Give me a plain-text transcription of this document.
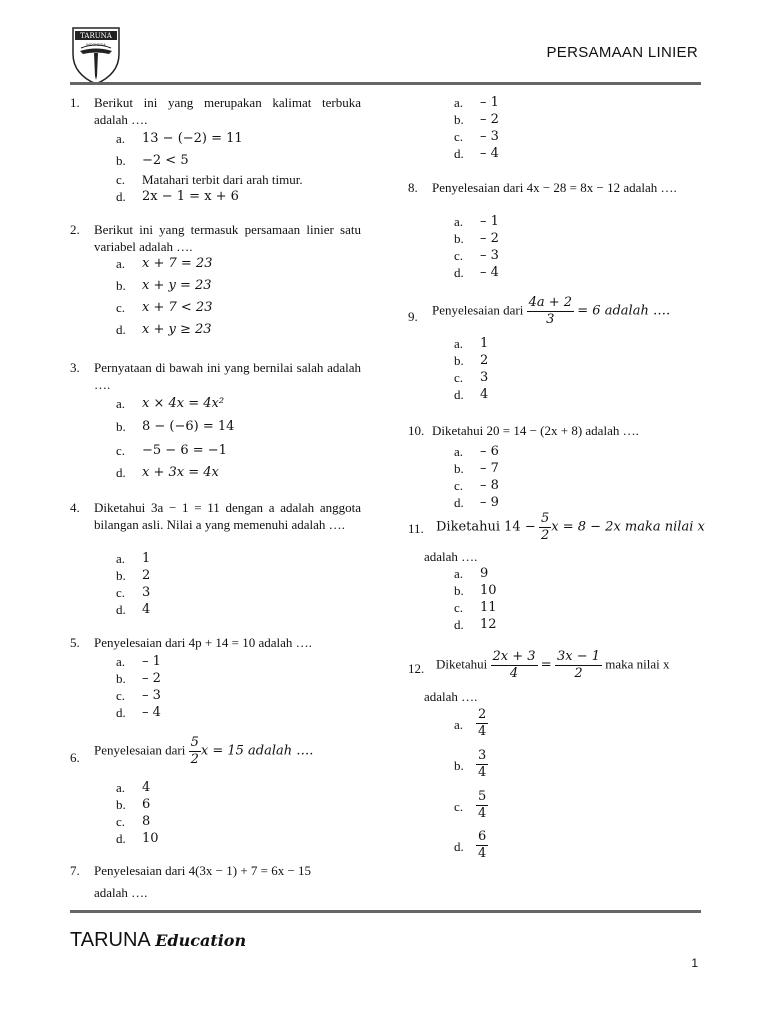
TARUNA
INDONESIA	PERSAMAAN LINIER
1.	Berikut ini yang merupakan kalimat terbuka adalah ….
a.	13 − (−2) = 11
b.	−2 < 5
c.	Matahari terbit dari arah timur.
d.	2x − 1 = x + 6
2.	Berikut ini yang termasuk persamaan linier satu variabel adalah ….
a.	x + 7 = 23
b.	x + y = 23
c.	x + 7 < 23
d.	x + y ≥ 23
3.	Pernyataan di bawah ini yang bernilai salah adalah ….
a.	x × 4x = 4x²
b.	8 − (−6) = 14
c.	−5 − 6 = −1
d.	x + 3x = 4x
4.	Diketahui 3a − 1 = 11 dengan a adalah anggota bilangan asli. Nilai a yang memenuhi adalah ….
a.	1
b.	2
c.	3
d.	4
5.	Penyelesaian dari 4p + 14 = 10 adalah ….
a.	– 1
b.	– 2
c.	– 3
d.	– 4
6.
Penyelesaian dari $\frac{5}{2}$ x = 15 adalah ….
a.	4
b.	6
c.	8
d.	10
7.	Penyelesaian dari 4(3x − 1) + 7 = 6x − 15
adalah ….
a.	– 1
b.	– 2
c.	– 3
d.	– 4
8.	Penyelesaian dari 4x − 28 = 8x − 12 adalah ….
a.	– 1
b.	– 2
c.	– 3
d.	– 4
9.	Penyelesaian dari $\frac{4a + 2}{3} = 6$ adalah ….
a.	1
b.	2
c.	3
d.	4
10. Diketahui 20 = 14 − (2x + 8) adalah ….
a.	– 6
b.	– 7
c.	– 8
d.	– 9
11. Diketahui $14 - \frac{5}{2}$ x = 8 − 2x maka nilai x
adalah ….
a.	9
b.	10
c.	11
d.	12
12. Diketahui $\frac{2x + 3}{4} = \frac{3x - 1}{2}$ maka nilai x
adalah ….
a. $\frac{2}{4}$
b. $\frac{3}{4}$
c. $\frac{5}{4}$
d. $\frac{6}{4}$
TARUNA Education
1
